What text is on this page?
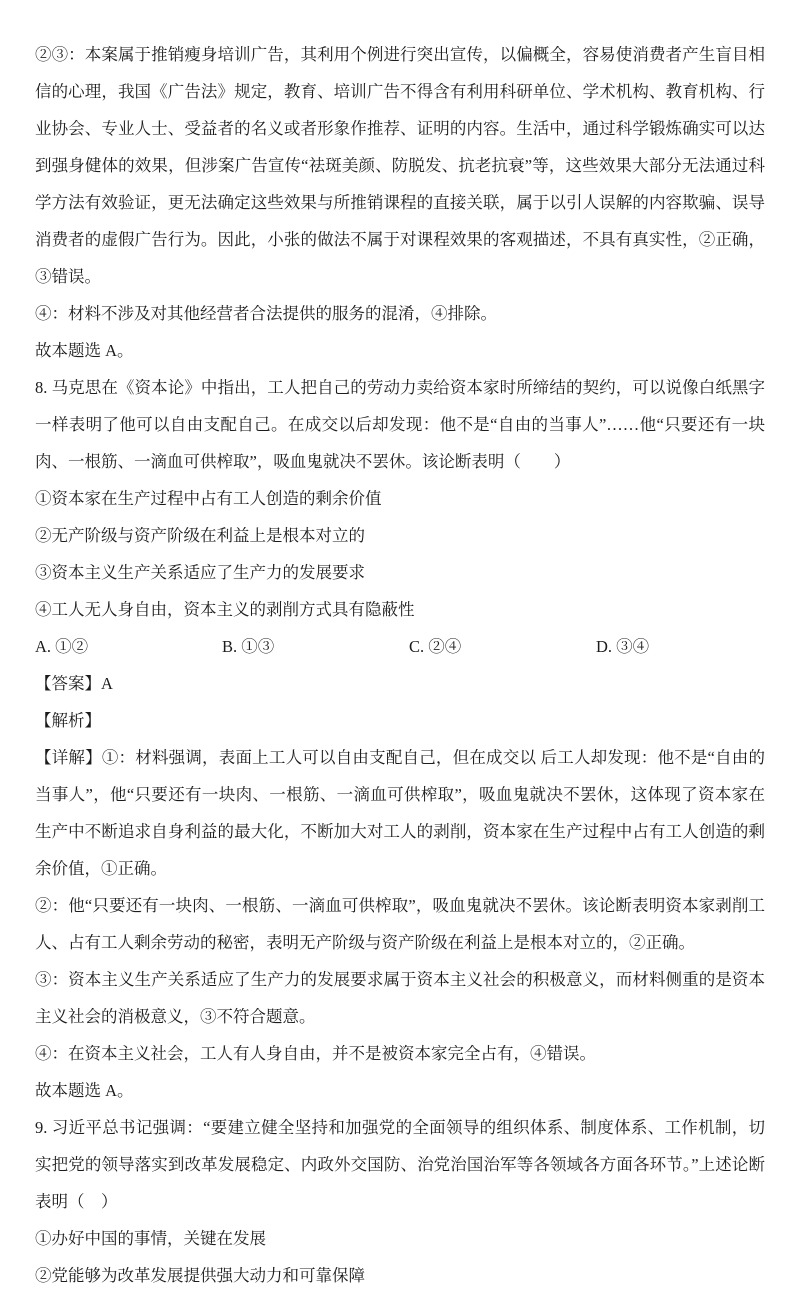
②③：本案属于推销瘦身培训广告，其利用个例进行突出宣传，以偏概全，容易使消费者产生盲目相信的心理，我国《广告法》规定，教育、培训广告不得含有利用科研单位、学术机构、教育机构、行业协会、专业人士、受益者的名义或者形象作推荐、证明的内容。生活中，通过科学锻炼确实可以达到强身健体的效果，但涉案广告宣传“祛斑美颜、防脱发、抗老抗衰”等，这些效果大部分无法通过科学方法有效验证，更无法确定这些效果与所推销课程的直接关联，属于以引人误解的内容欺骗、误导消费者的虚假广告行为。因此，小张的做法不属于对课程效果的客观描述，不具有真实性，②正确，③错误。

④：材料不涉及对其他经营者合法提供的服务的混淆，④排除。

故本题选 A。

8. 马克思在《资本论》中指出，工人把自己的劳动力卖给资本家时所缔结的契约，可以说像白纸黑字一样表明了他可以自由支配自己。在成交以后却发现：他不是“自由的当事人”……他“只要还有一块肉、一根筋、一滴血可供榨取”，吸血鬼就决不罢休。该论断表明（　　）

①资本家在生产过程中占有工人创造的剩余价值

②无产阶级与资产阶级在利益上是根本对立的

③资本主义生产关系适应了生产力的发展要求

④工人无人身自由，资本主义的剥削方式具有隐蔽性

A. ①②	B. ①③	C. ②④	D. ③④

【答案】A

【解析】

【详解】①：材料强调，表面上工人可以自由支配自己，但在成交以 后工人却发现：他不是“自由的当事人”，他“只要还有一块肉、一根筋、一滴血可供榨取”，吸血鬼就决不罢休，这体现了资本家在生产中不断追求自身利益的最大化，不断加大对工人的剥削，资本家在生产过程中占有工人创造的剩余价值，①正确。

②：他“只要还有一块肉、一根筋、一滴血可供榨取”，吸血鬼就决不罢休。该论断表明资本家剥削工人、占有工人剩余劳动的秘密，表明无产阶级与资产阶级在利益上是根本对立的，②正确。

③：资本主义生产关系适应了生产力的发展要求属于资本主义社会的积极意义，而材料侧重的是资本主义社会的消极意义，③不符合题意。

④：在资本主义社会，工人有人身自由，并不是被资本家完全占有，④错误。

故本题选 A。

9. 习近平总书记强调：“要建立健全坚持和加强党的全面领导的组织体系、制度体系、工作机制，切实把党的领导落实到改革发展稳定、内政外交国防、治党治国治军等各领域各方面各环节。”上述论断表明（　）

①办好中国的事情，关键在发展

②党能够为改革发展提供强大动力和可靠保障
